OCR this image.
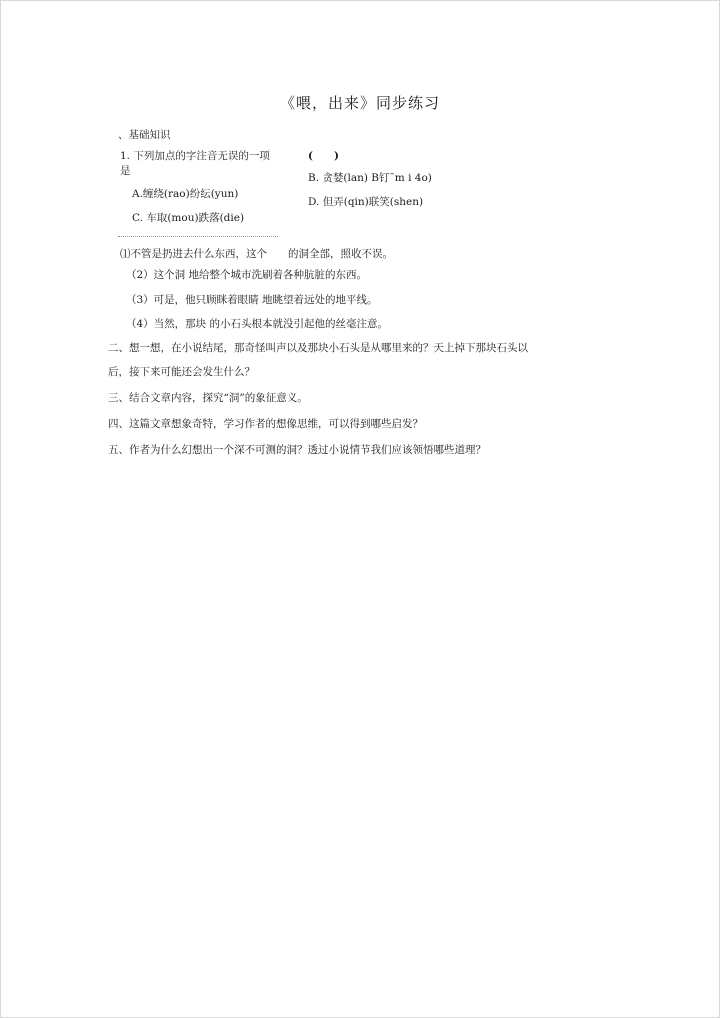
《喂，出来》同步练习
、基础知识
1. 下列加点的字注音无误的一项
是
(　　)
A.缠绕(rao)纷纭(yun)
B. 贪婪(lan) B钉ˉm i 4o)
C. 车取(mou)跌落(die)
D. 但弄(qin)联笑(shen)
⑴不管是扔进去什么东西，这个　　的洞全部，照收不误。
（2）这个洞 地给整个城市洗刷着各种肮脏的东西。
（3）可是，他只顾眯着眼睛 地眺望着远处的地平线。
（4）当然，那块 的小石头根本就没引起他的丝毫注意。
二、想一想，在小说结尾，那奇怪叫声以及那块小石头是从哪里来的？天上掉下那块石头以
后，接下来可能还会发生什么？
三、结合文章内容，探究“洞”的象征意义。
四、这篇文章想象奇特，学习作者的想像思维，可以得到哪些启发？
五、作者为什么幻想出一个深不可测的洞？透过小说情节我们应该领悟哪些道理？
